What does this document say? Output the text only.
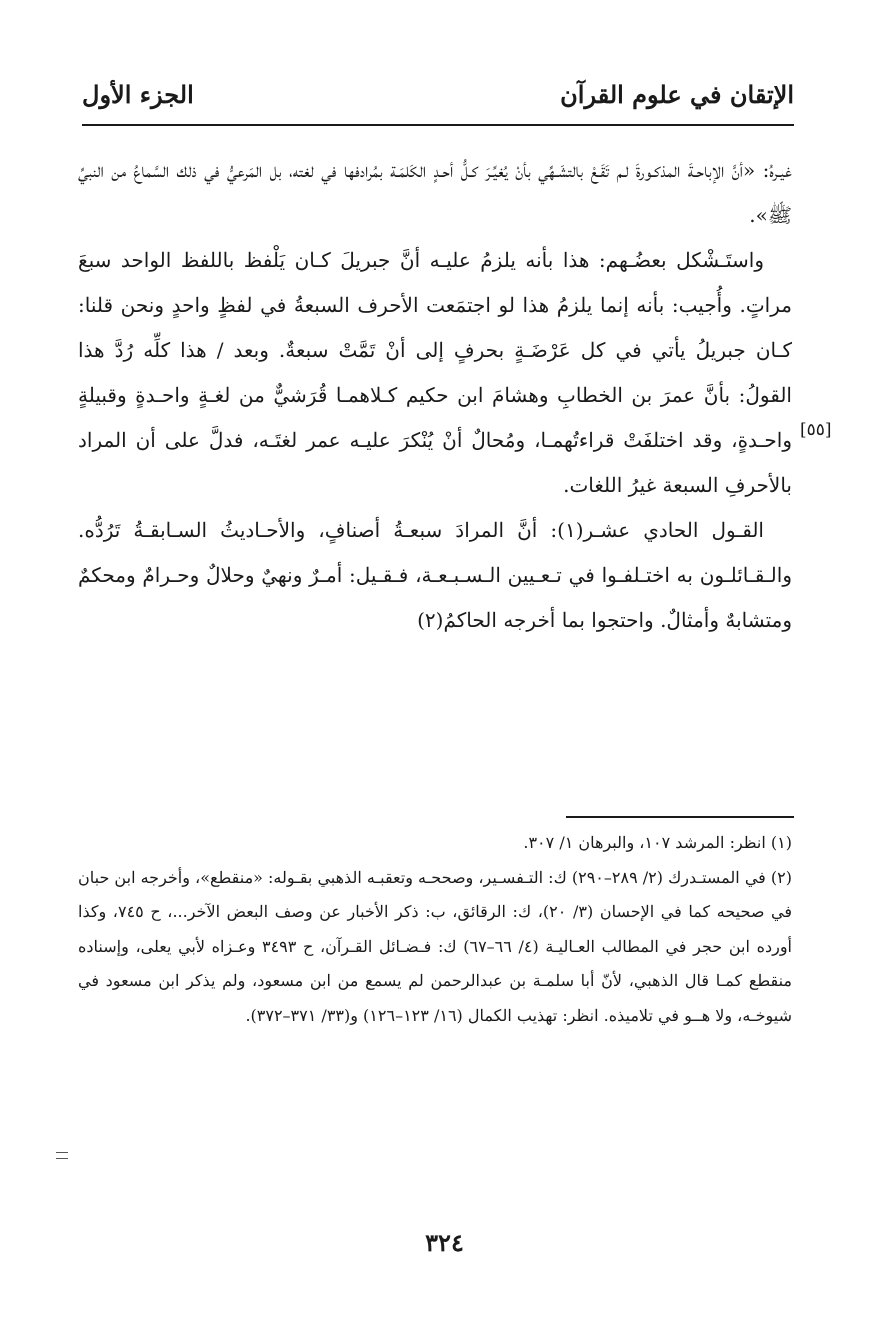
الإتقان في علوم القرآن
الجزء الأول

غيـرهُ: «أنَّ الإباحـةَ المذكـورةَ لـم تَقَـعْ بالتشَـهِّي بأنْ يُغيِّـرَ كـلُّ أحـدٍ الكَلمَـة بمُرادفها في لغته، بل المَرعيُّ في ذلك السَّماعُ من النبيِّ ﷺ».

واستَـشْكل بعضُـهم: هذا بأنه يلزمُ عليـه أنَّ جبريلَ كـان يَلْفظ باللفظ الواحد سبعَ مراتٍ. وأُجيب: بأنه إنما يلزمُ هذا لو اجتمَعت الأحرف السبعةُ في لفظٍ واحدٍ ونحن قلنا: كـان جبريلُ يأتي في كل عَرْضَـةٍ بحرفٍ إلى أنْ تَمَّتْ سبعةٌ. وبعد / هذا كلِّه رُدَّ هذا القولُ: بأنَّ عمرَ بن الخطابِ وهشامَ ابن حكيم كـلاهمـا قُرَشيٌّ من لغـةٍ واحـدةٍ وقبيلةٍ واحـدةٍ، وقد اختلفَتْ قراءتُهمـا، ومُحالٌ أنْ يُنْكرَ عليـه عمر لغتَـه، فدلَّ على أن المراد بالأحرفِ السبعة غيرُ اللغات.

القـول الحادي عشـر(١): أنَّ المرادَ سبعـةُ أصنافٍ، والأحـاديثُ السـابقـةُ تَرُدُّه. والـقـائلـون به اختـلفـوا في تـعـيين الـسـبـعـة، فـقـيل: أمـرٌ ونهيٌ وحلالٌ وحـرامٌ ومحكمٌ ومتشابهٌ وأمثالٌ. واحتجوا بما أخرجه الحاكمُ(٢)

[٥٥]

(١) انظر: المرشد ١٠٧، والبرهان ١/ ٣٠٧.

(٢) في المستـدرك (٢/ ٢٨٩–٢٩٠) ك: التـفسـير، وصححـه وتعقبـه الذهبي بقـوله: «منقطع»، وأخرجه ابن حبان في صحيحه كما في الإحسان (٣/ ٢٠)، ك: الرقائق، ب: ذكر الأخبار عن وصف البعض الآخر...، ح ٧٤٥، وكذا أورده ابن حجر في المطالب العـاليـة (٤/ ٦٦–٦٧) ك: فـضـائل القـرآن، ح ٣٤٩٣ وعـزاه لأبي يعلى، وإسناده منقطع كمـا قال الذهبي، لأنّ أبا سلمـة بن عبدالرحمن لم يسمع من ابن مسعود، ولم يذكر ابن مسعود في شيوخـه، ولا هــو في تلاميذه. انظر: تهذيب الكمال (١٦/ ١٢٣–١٢٦) و(٣٣/ ٣٧١–٣٧٢).

٣٢٤
